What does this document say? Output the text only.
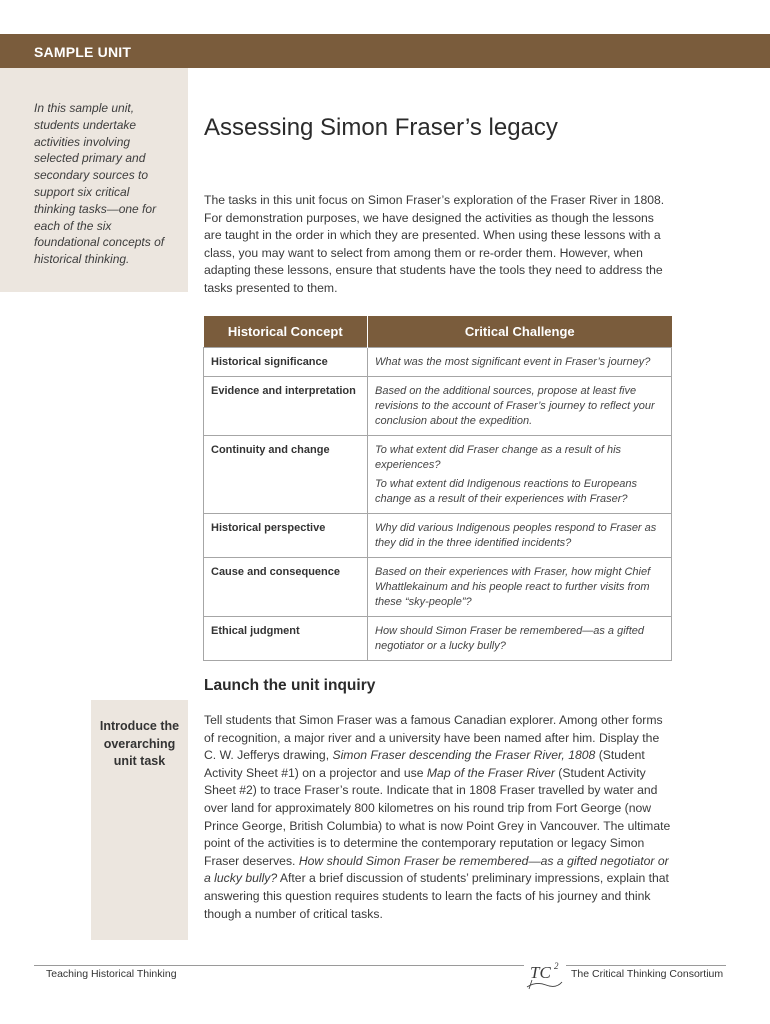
SAMPLE UNIT

In this sample unit, students undertake activities involving selected primary and secondary sources to support six critical thinking tasks—one for each of the six foundational concepts of historical thinking.

Assessing Simon Fraser’s legacy

The tasks in this unit focus on Simon Fraser’s exploration of the Fraser River in 1808. For demonstration purposes, we have designed the activities as though the lessons are taught in the order in which they are presented. When using these lessons with a class, you may want to select from among them or re-order them. However, when adapting these lessons, ensure that students have the tools they need to address the tasks presented to them.

Historical Concept	Critical Challenge
Historical significance	What was the most significant event in Fraser’s journey?

Evidence and interpretation	Based on the additional sources, propose at least five revisions to the account of Fraser’s journey to reflect your conclusion about the expedition.

Continuity and change	To what extent did Fraser change as a result of his experiences?

To what extent did Indigenous reactions to Europeans change as a result of their experiences with Fraser?

Historical perspective	Why did various Indigenous peoples respond to Fraser as they did in the three identified incidents?

Cause and consequence	Based on their experiences with Fraser, how might Chief Whattlekainum and his people react to further visits from these “sky-people”?

Ethical judgment	How should Simon Fraser be remembered—as a gifted negotiator or a lucky bully?

Launch the unit inquiry
Introduce the overarching unit task

Tell students that Simon Fraser was a famous Canadian explorer. Among other forms of recognition, a major river and a university have been named after him. Display the C. W. Jefferys drawing, Simon Fraser descending the Fraser River, 1808 (Student Activity Sheet #1) on a projector and use Map of the Fraser River (Student Activity Sheet #2) to trace Fraser’s route. Indicate that in 1808 Fraser travelled by water and over land for approximately 800 kilometres on his round trip from Fort George (now Prince George, British Columbia) to what is now Point Grey in Vancouver. The ultimate point of the activities is to determine the contemporary reputation or legacy Simon Fraser deserves. How should Simon Fraser be remembered—as a gifted negotiator or a lucky bully? After a brief discussion of students’ preliminary impressions, explain that answering this question requires students to learn the facts of his journey and think though a number of critical tasks.

Teaching Historical Thinking	TC 2
The Critical Thinking Consortium
